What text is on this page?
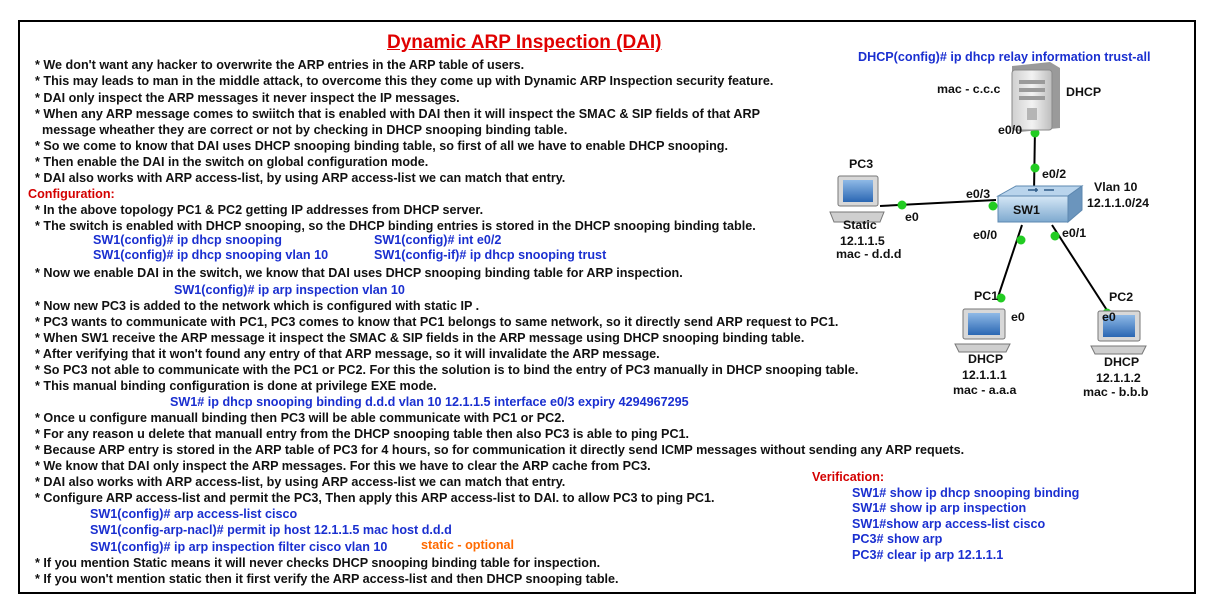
Dynamic ARP Inspection (DAI)
* We don't want any hacker to overwrite the ARP entries in the ARP table of users.
* This may leads to man in the middle attack, to overcome this they come up with Dynamic ARP Inspection security feature.
* DAI only inspect the ARP messages it never inspect the IP messages.
* When any ARP message comes to swiitch that is enabled with DAI then it will inspect the SMAC & SIP fields of that ARP
message wheather they are correct or not by checking in DHCP snooping binding table.
* So we come to know that DAI uses DHCP snooping binding table, so first of all we have to enable DHCP snooping.
* Then enable the DAI in the switch on global configuration mode.
* DAI also works with ARP access-list, by using ARP access-list we can match that entry.
Configuration:
* In the above topology PC1 & PC2 getting IP addresses from DHCP server.
* The switch is enabled with DHCP snooping, so the DHCP binding entries is stored in the DHCP snooping binding table.
SW1(config)# ip dhcp snooping
SW1(config)# ip dhcp snooping vlan 10
SW1(config)# int e0/2
SW1(config-if)# ip dhcp snooping trust
* Now we enable DAI in the switch, we know that DAI uses DHCP snooping binding table for ARP inspection.
SW1(config)# ip arp inspection vlan 10
* Now new PC3 is added to the network which is configured with static IP .
* PC3 wants to communicate with PC1, PC3 comes to know that PC1 belongs to same network, so it directly send ARP request to PC1.
* When SW1 receive the ARP message it inspect the SMAC & SIP fields in the ARP message using DHCP snooping binding table.
* After verifying that it won't found any entry of that ARP message, so it will invalidate the ARP message.
* So PC3 not able to communicate with the PC1 or PC2. For this the solution is to bind the entry of PC3 manually in DHCP snooping table.
* This manual binding configuration is done at privilege EXE mode.
SW1# ip dhcp snooping binding d.d.d vlan 10 12.1.1.5 interface e0/3 expiry 4294967295
* Once u configure manuall binding then PC3 will be able communicate with PC1 or PC2.
* For any reason u delete that manuall entry from the DHCP snooping table then also PC3 is able to ping PC1.
* Because ARP entry is stored in the ARP table of PC3 for 4 hours, so for communication it directly send ICMP messages without sending any ARP requets.
* We know that DAI only inspect the ARP messages. For this we have to clear the ARP cache from PC3.
* DAI also works with ARP access-list, by using ARP access-list we can match that entry.
* Configure ARP access-list and permit the PC3, Then apply this ARP access-list to DAI. to allow PC3 to ping PC1.
SW1(config)# arp access-list cisco
SW1(config-arp-nacl)# permit ip host 12.1.1.5 mac host d.d.d
SW1(config)# ip arp inspection filter cisco vlan 10	static - optional
* If you mention Static means it will never checks DHCP snooping binding table for inspection.
* If you won't mention static then it first verify the ARP access-list and then DHCP snooping table.
Verification:
SW1# show ip dhcp snooping binding
SW1# show ip arp inspection
SW1#show arp access-list cisco
PC3# show arp
PC3# clear ip arp 12.1.1.1
DHCP(config)# ip dhcp relay information trust-all
DHCP
mac - c.c.c
e0/0
e0/2
e0/3
e0/0	e0/1
SW1
Vlan 10
12.1.1.0/24
PC3
e0
Static
12.1.1.5
mac - d.d.d
PC1
e0
DHCP
12.1.1.1
mac - a.a.a
PC2
e0
DHCP
12.1.1.2
mac - b.b.b
